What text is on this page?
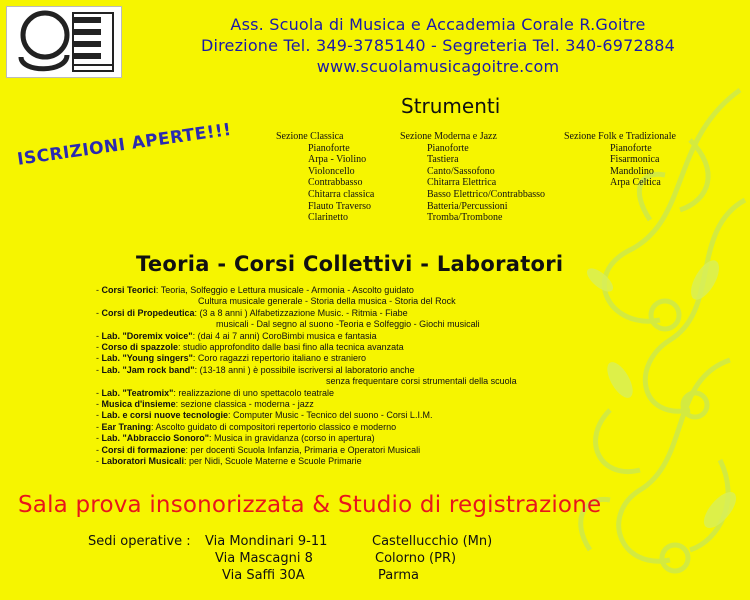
Ass. Scuola di Musica e Accademia Corale R.Goitre
Direzione Tel. 349-3785140 - Segreteria Tel. 340-6972884
www.scuolamusicagoitre.com
Strumenti
Sezione Classica
Pianoforte
Arpa - Violino
Violoncello
Contrabbasso
Chitarra classica
Flauto Traverso
Clarinetto
Sezione Moderna e Jazz
Pianoforte
Tastiera
Canto/Sassofono
Chitarra Elettrica
Basso Elettrico/Contrabbasso
Batteria/Percussioni
Tromba/Trombone
Sezione Folk e Tradizionale
Pianoforte
Fisarmonica
Mandolino
Arpa Celtica
ISCRIZIONI APERTE!!!
Teoria - Corsi Collettivi - Laboratori
- Corsi Teorici: Teoria, Solfeggio e Lettura musicale - Armonia - Ascolto guidato
Cultura musicale generale - Storia della musica - Storia del Rock
- Corsi di Propedeutica: (3 a 8 anni ) Alfabetizzazione Music. - Ritmia - Fiabe
musicali - Dal segno al suono -Teoria e Solfeggio - Giochi musicali
- Lab. "Doremix voice": (dai 4 ai 7 anni) CoroBimbi musica e fantasia
- Corso di spazzole: studio approfondito dalle basi fino alla tecnica avanzata
- Lab. "Young singers": Coro ragazzi repertorio italiano e straniero
- Lab. "Jam rock band": (13-18 anni ) è possibile iscriversi al laboratorio anche
senza frequentare corsi strumentali della scuola
- Lab. "Teatromix": realizzazione di uno spettacolo teatrale
- Musica d'insieme: sezione classica - moderna - jazz
- Lab. e corsi nuove tecnologie: Computer Music - Tecnico del suono - Corsi L.I.M.
- Ear Traning: Ascolto guidato di compositori repertorio classico e moderno
- Lab. "Abbraccio Sonoro": Musica in gravidanza (corso in apertura)
- Corsi di formazione: per docenti Scuola Infanzia, Primaria e Operatori Musicali
- Laboratori Musicali: per Nidi, Scuole Materne e Scuole Primarie
Sala prova insonorizzata & Studio di registrazione
Sedi operative : Via Mondinari 9-11
Via Mascagni 8
Via Saffi 30A
Castellucchio (Mn)
Colorno (PR)
Parma
